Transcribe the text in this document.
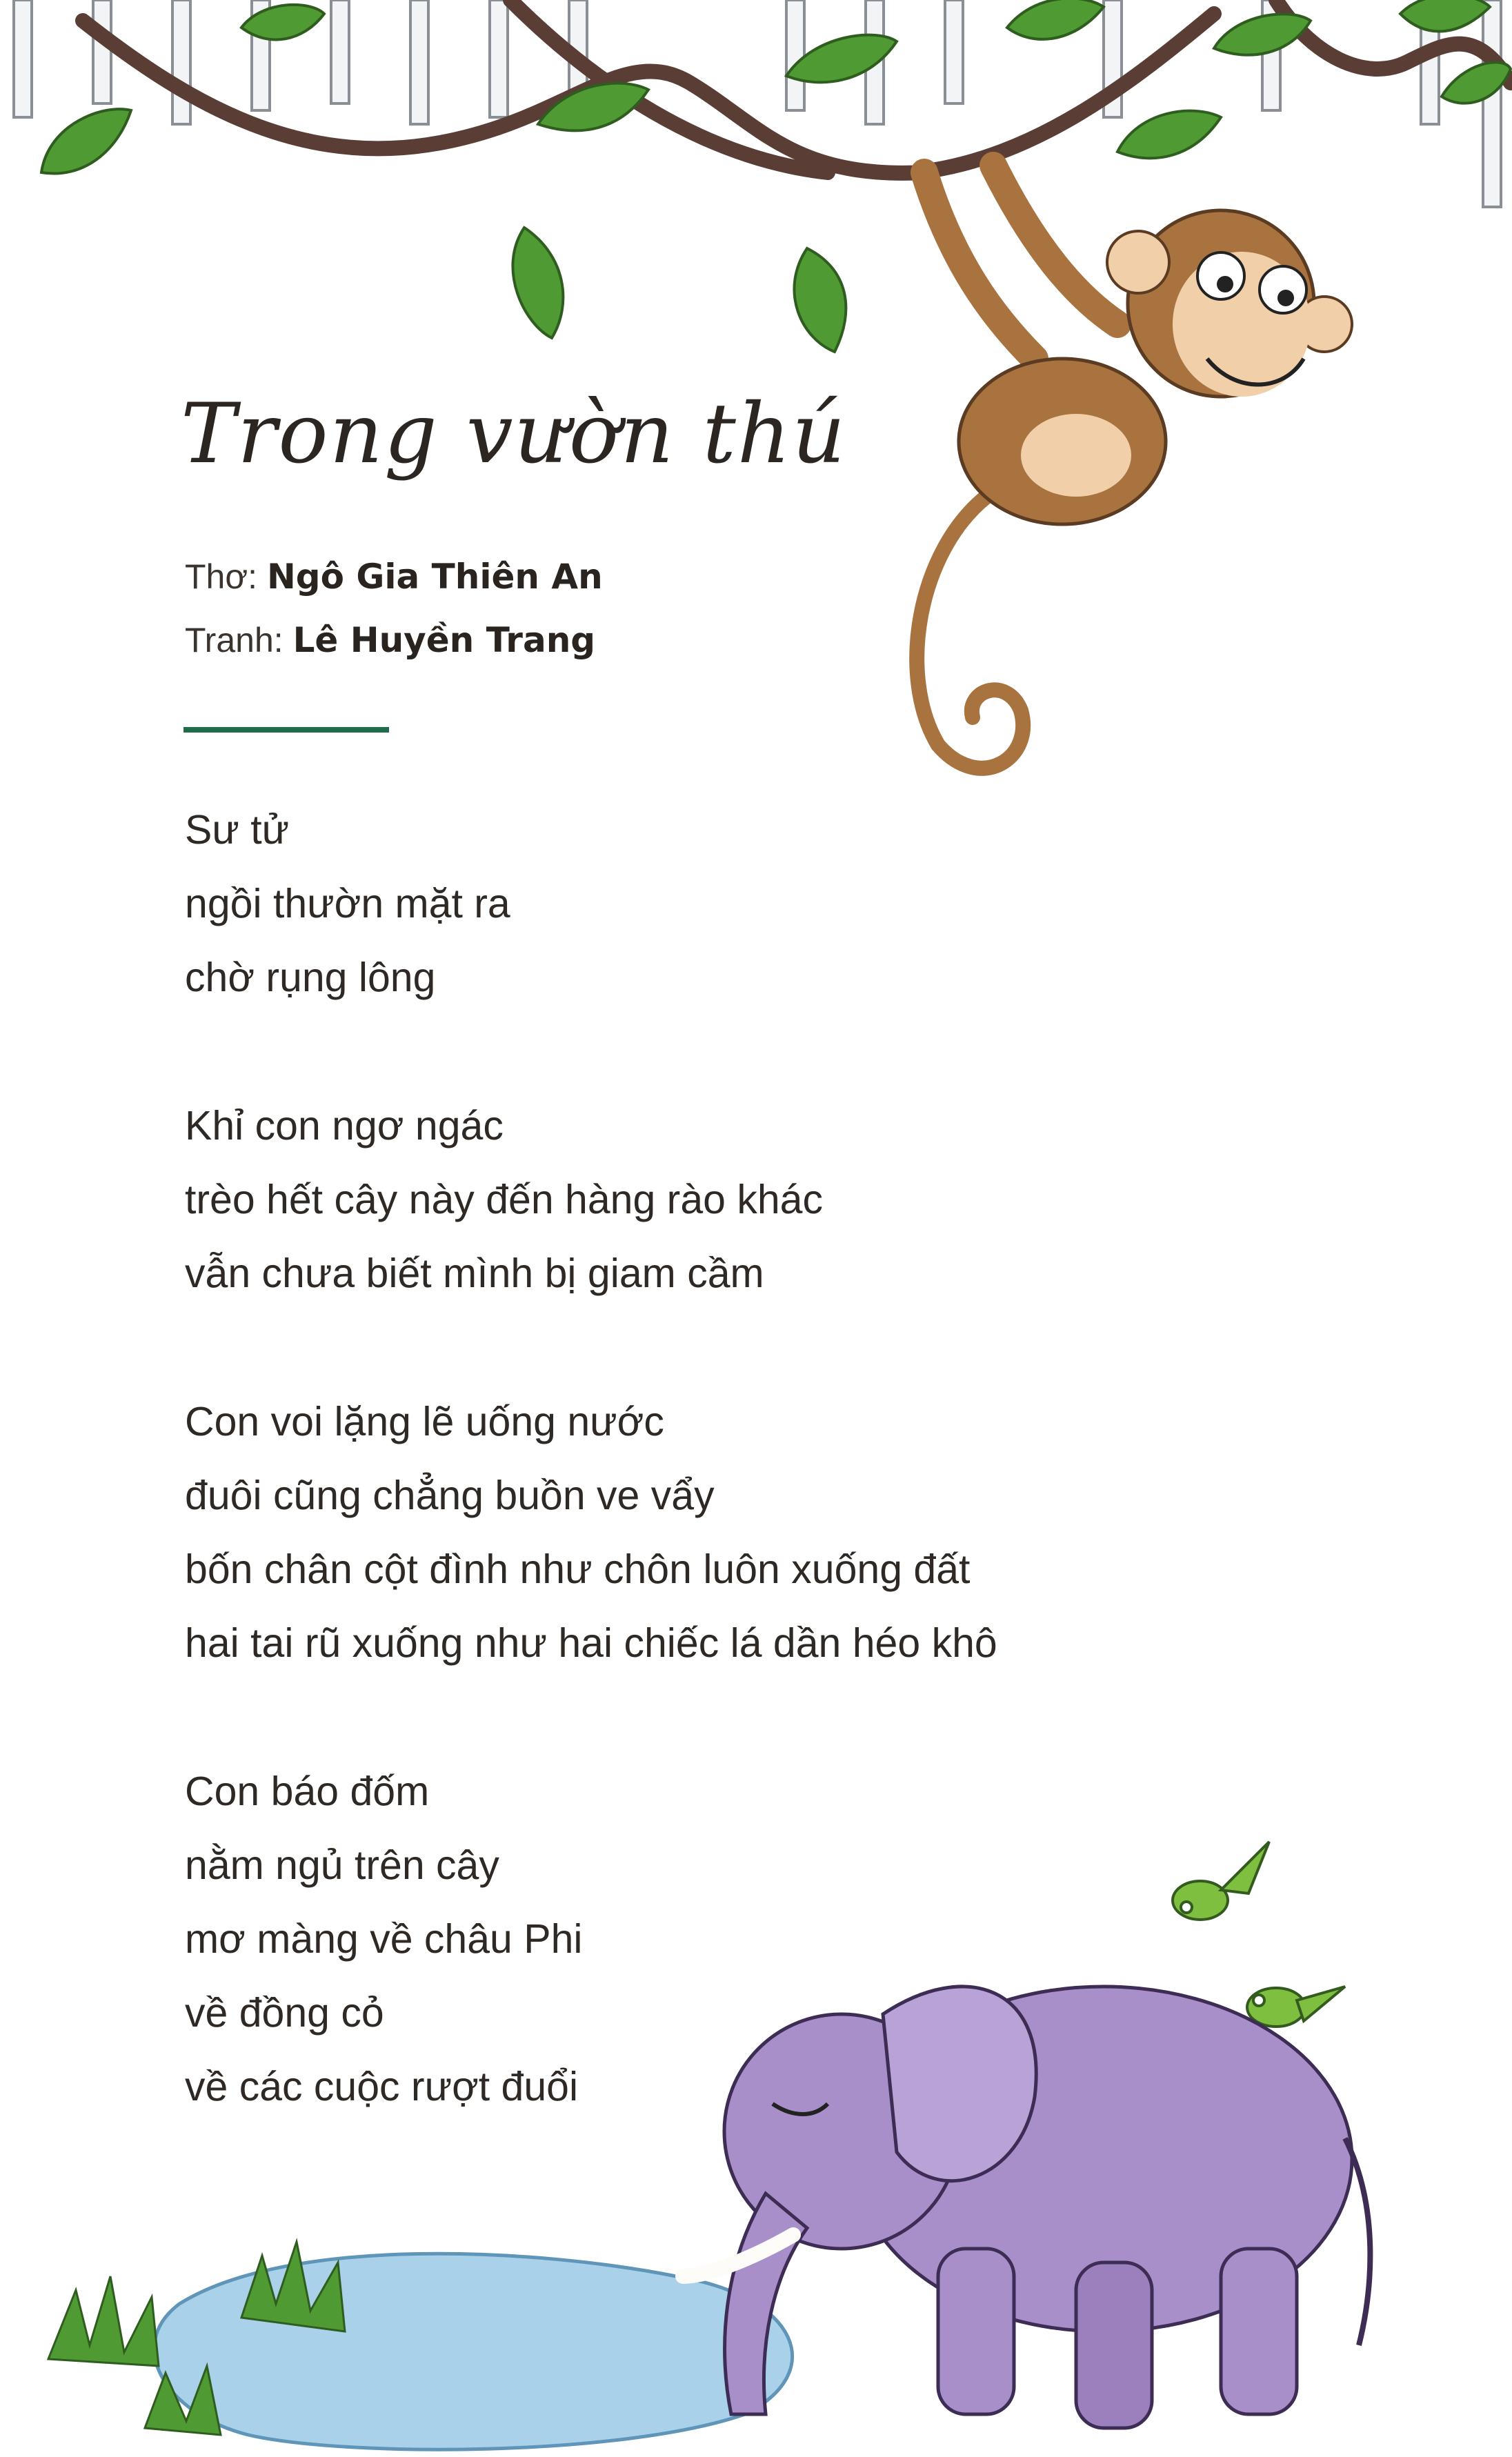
Trong vườn thú
Thơ: Ngô Gia Thiên An
Tranh: Lê Huyền Trang
Sư tử
ngồi thườn mặt ra
chờ rụng lông
Khỉ con ngơ ngác
trèo hết cây này đến hàng rào khác
vẫn chưa biết mình bị giam cầm
Con voi lặng lẽ uống nước
đuôi cũng chẳng buồn ve vẩy
bốn chân cột đình như chôn luôn xuống đất
hai tai rũ xuống như hai chiếc lá dần héo khô
Con báo đốm
nằm ngủ trên cây
mơ màng về châu Phi
về đồng cỏ
về các cuộc rượt đuổi
